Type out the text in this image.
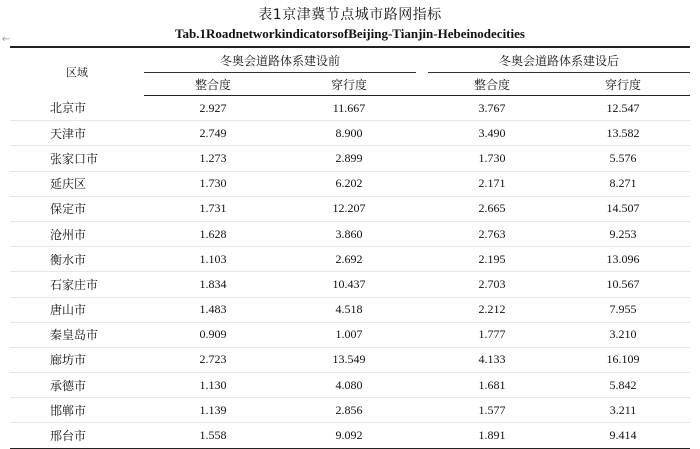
表1京津冀节点城市路网指标
Tab.1RoadnetworkindicatorsofBeijing-Tianjin-Hebeinodecities
←
区域	冬奥会道路体系建设前			冬奥会道路体系建设后	
	整合度	穿行度		整合度	穿行度
北京市	2.927	11.667		3.767	12.547
天津市	2.749	8.900		3.490	13.582
张家口市	1.273	2.899		1.730	5.576
延庆区	1.730	6.202		2.171	8.271
保定市	1.731	12.207		2.665	14.507
沧州市	1.628	3.860		2.763	9.253
衡水市	1.103	2.692		2.195	13.096
石家庄市	1.834	10.437		2.703	10.567
唐山市	1.483	4.518		2.212	7.955
秦皇岛市	0.909	1.007		1.777	3.210
廊坊市	2.723	13.549		4.133	16.109
承德市	1.130	4.080		1.681	5.842
邯郸市	1.139	2.856		1.577	3.211
邢台市	1.558	9.092		1.891	9.414
